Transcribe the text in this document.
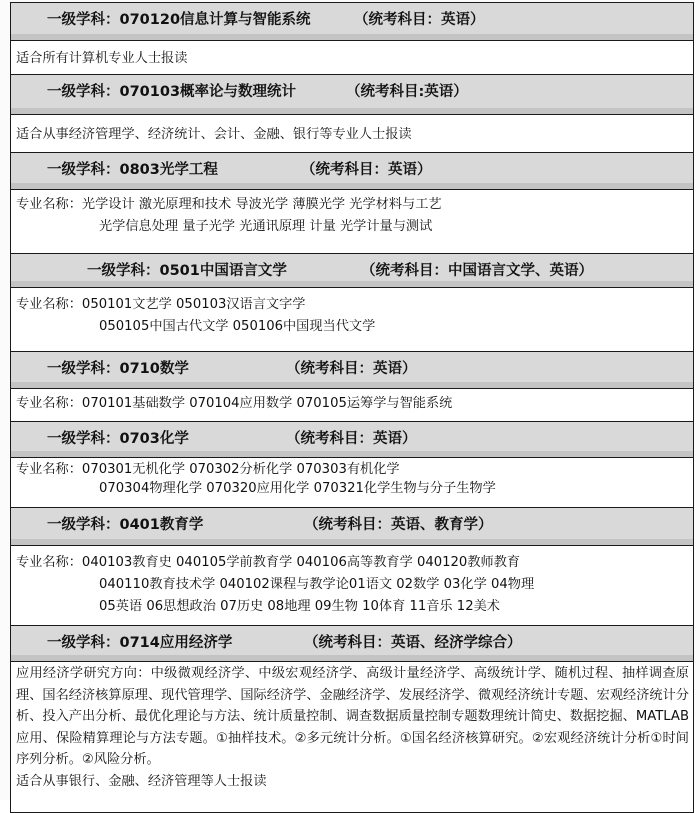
一级学科：070120信息计算与智能系统	（统考科目：英语）

适合所有计算机专业人士报读

一级学科：070103概率论与数理统计	（统考科目:英语）

适合从事经济管理学、经济统计、会计、金融、银行等专业人士报读

一级学科：0803光学工程	（统考科目：英语）

专业名称：光学设计 激光原理和技术 导波光学 薄膜光学 光学材料与工艺
光学信息处理 量子光学 光通讯原理 计量 光学计量与测试

一级学科：0501中国语言文学	（统考科目：中国语言文学、英语）

专业名称：050101文艺学 050103汉语言文字学
050105中国古代文学 050106中国现当代文学

一级学科：0710数学	（统考科目：英语）

专业名称：070101基础数学 070104应用数学 070105运筹学与智能系统

一级学科：0703化学	（统考科目：英语）

专业名称：070301无机化学 070302分析化学 070303有机化学
070304物理化学 070320应用化学 070321化学生物与分子生物学

一级学科：0401教育学	（统考科目：英语、教育学）

专业名称：040103教育史 040105学前教育学 040106高等教育学 040120教师教育
040110教育技术学 040102课程与教学论01语文 02数学 03化学 04物理
05英语 06思想政治 07历史 08地理 09生物 10体育 11音乐 12美术

一级学科：0714应用经济学	（统考科目：英语、经济学综合）

应用经济学研究方向：中级微观经济学、中级宏观经济学、高级计量经济学、高级统计学、随机过程、抽样调查原理、国名经济核算原理、现代管理学、国际经济学、金融经济学、发展经济学、微观经济统计专题、宏观经济统计分析、投入产出分析、最优化理论与方法、统计质量控制、调查数据质量控制专题数理统计简史、数据挖掘、MATLAB应用、保险精算理论与方法专题。①抽样技术。②多元统计分析。①国名经济核算研究。②宏观经济统计分析①时间序列分析。②风险分析。
适合从事银行、金融、经济管理等人士报读
